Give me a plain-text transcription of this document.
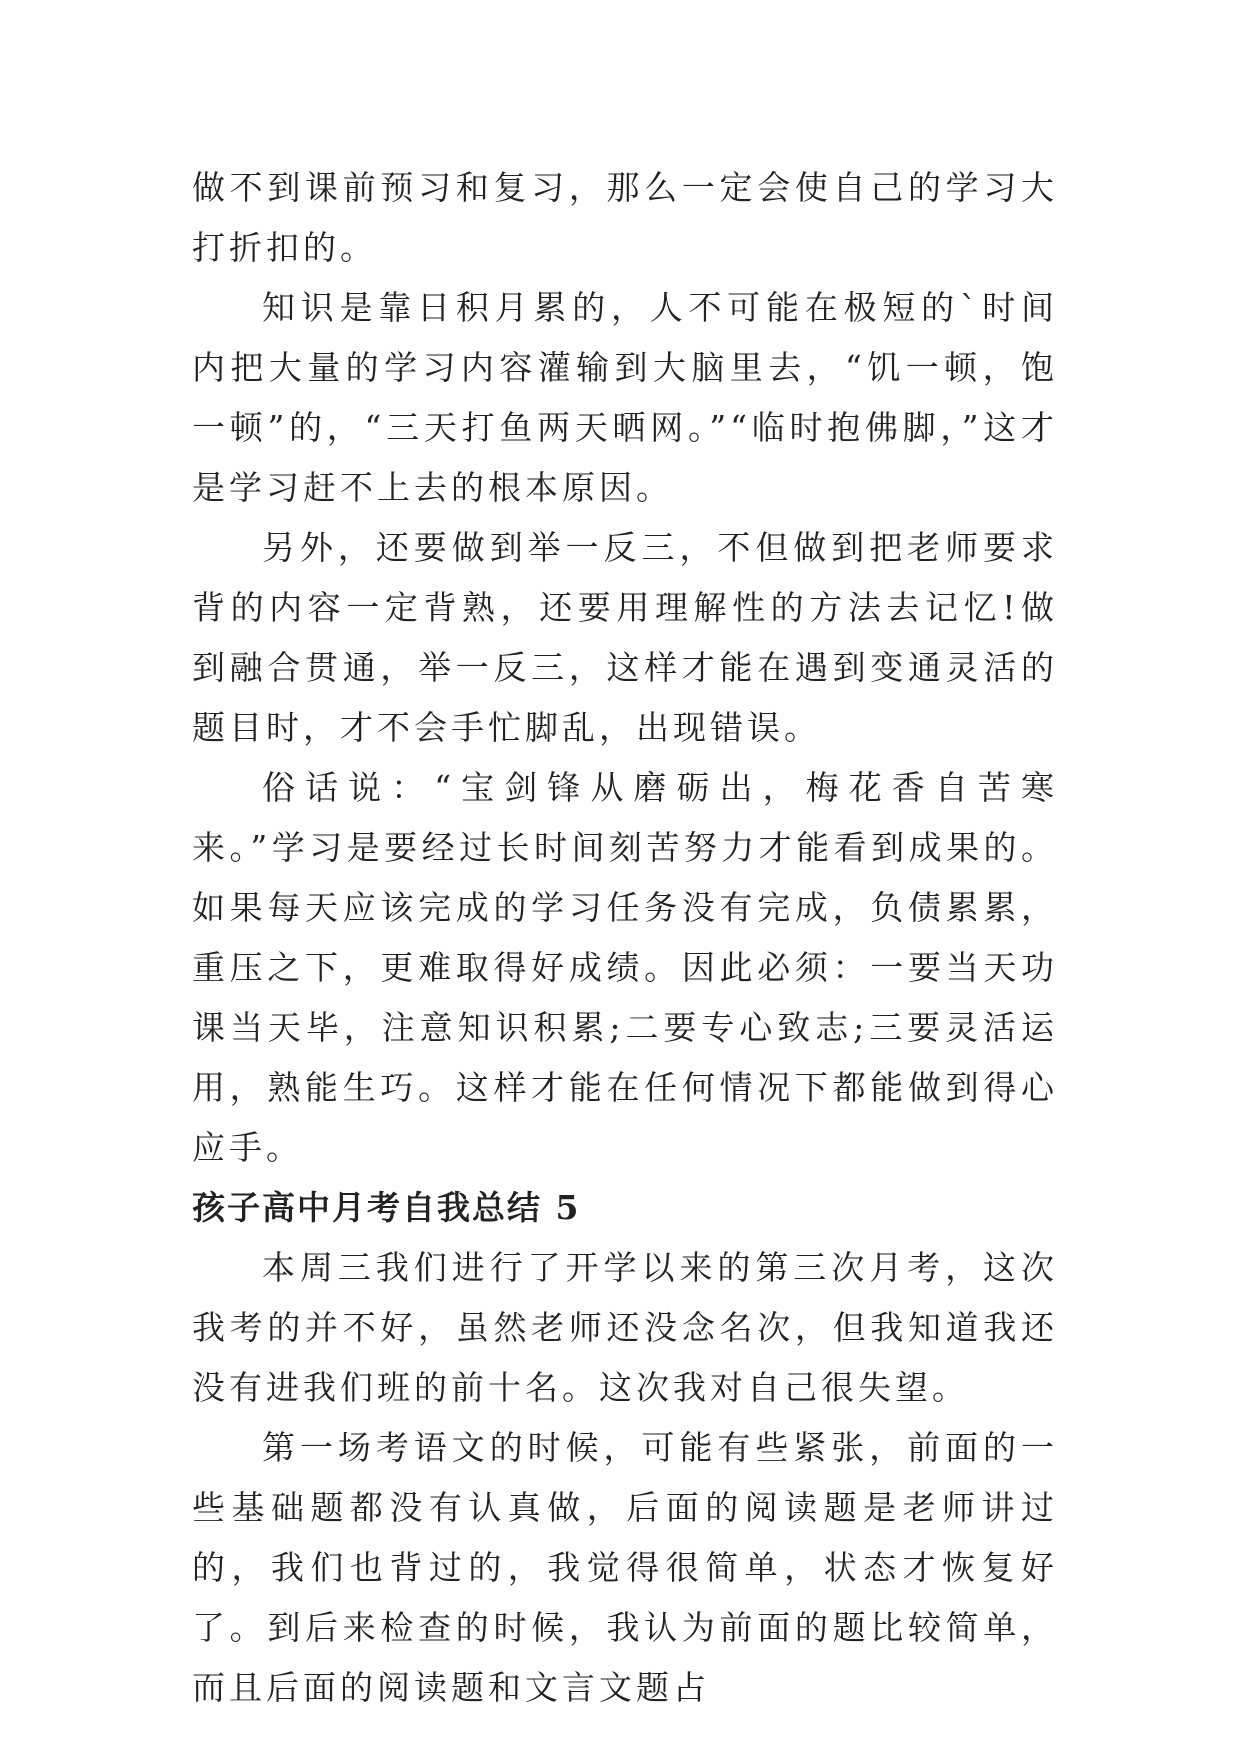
做不到课前预习和复习，那么一定会使自己的学习大打折扣的。

知识是靠日积月累的，人不可能在极短的`时间内把大量的学习内容灌输到大脑里去，“饥一顿，饱一顿”的，“三天打鱼两天晒网。”“临时抱佛脚，”这才是学习赶不上去的根本原因。

另外，还要做到举一反三，不但做到把老师要求背的内容一定背熟，还要用理解性的方法去记忆!做到融合贯通，举一反三，这样才能在遇到变通灵活的题目时，才不会手忙脚乱，出现错误。

俗话说：“宝剑锋从磨砺出，梅花香自苦寒来。”学习是要经过长时间刻苦努力才能看到成果的。如果每天应该完成的学习任务没有完成，负债累累，重压之下，更难取得好成绩。因此必须：一要当天功课当天毕，注意知识积累;二要专心致志;三要灵活运用，熟能生巧。这样才能在任何情况下都能做到得心应手。

孩子高中月考自我总结 5

本周三我们进行了开学以来的第三次月考，这次我考的并不好，虽然老师还没念名次，但我知道我还没有进我们班的前十名。这次我对自己很失望。

第一场考语文的时候，可能有些紧张，前面的一些基础题都没有认真做，后面的阅读题是老师讲过的，我们也背过的，我觉得很简单，状态才恢复好了。到后来检查的时候，我认为前面的题比较简单，而且后面的阅读题和文言文题占
